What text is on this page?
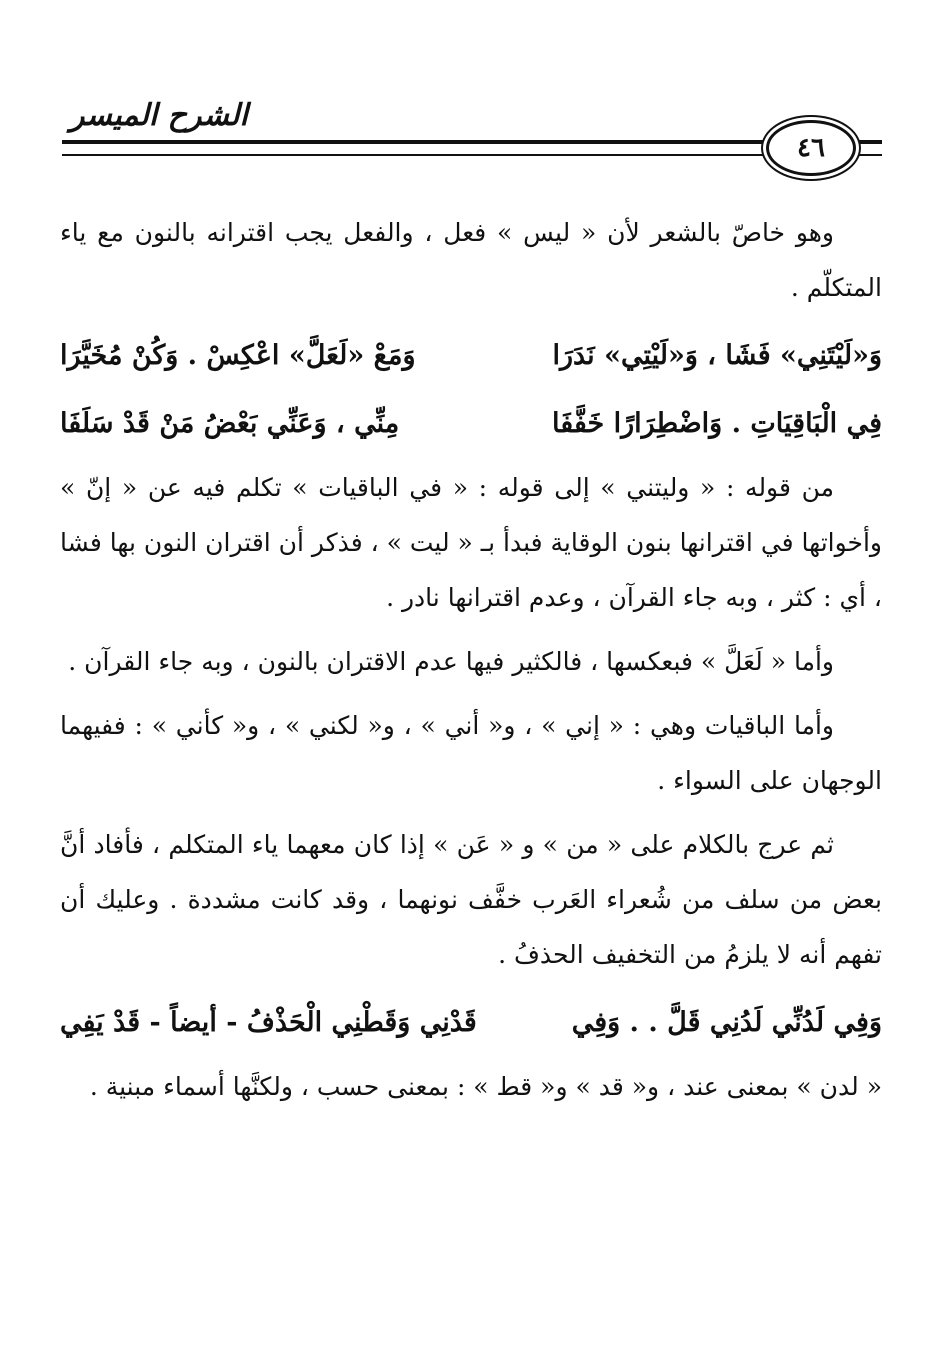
الشرح الميسر
٤٦

وهو خاصّ بالشعر لأن « ليس » فعل ، والفعل يجب اقترانه بالنون مع ياء المتكلّم .

وَ«لَيْتَنِي» فَشَا ، وَ«لَيْتِي» نَدَرَا
وَمَعْ «لَعَلَّ» اعْكِسْ . وَكُنْ مُخَيَّرَا
فِي الْبَاقِيَاتِ . وَاضْطِرَارًا خَفَّفَا
مِنِّي ، وَعَنِّي بَعْضُ مَنْ قَدْ سَلَفَا

من قوله : « وليتني » إلى قوله : « في الباقيات » تكلم فيه عن « إنّ » وأخواتها في اقترانها بنون الوقاية فبدأ بـ « ليت » ، فذكر أن اقتران النون بها فشا ، أي : كثر ، وبه جاء القرآن ، وعدم اقترانها نادر .

وأما « لَعَلَّ » فبعكسها ، فالكثير فيها عدم الاقتران بالنون ، وبه جاء القرآن .

وأما الباقيات وهي : « إني » ، و« أني » ، و« لكني » ، و« كأني » : ففيهما الوجهان على السواء .

ثم عرج بالكلام على « من » و « عَن » إذا كان معهما ياء المتكلم ، فأفاد أنَّ بعض من سلف من شُعراء العَرب خفَّف نونهما ، وقد كانت مشددة . وعليك أن تفهم أنه لا يلزمُ من التخفيف الحذفُ .

وَفِي لَدُنِّي لَدُنِي قَلَّ . . وَفِي
قَدْنِي وَقَطْنِي الْحَذْفُ - أيضاً - قَدْ يَفِي

« لدن » بمعنى عند ، و« قد » و« قط » : بمعنى حسب ، ولكنَّها أسماء مبنية .
